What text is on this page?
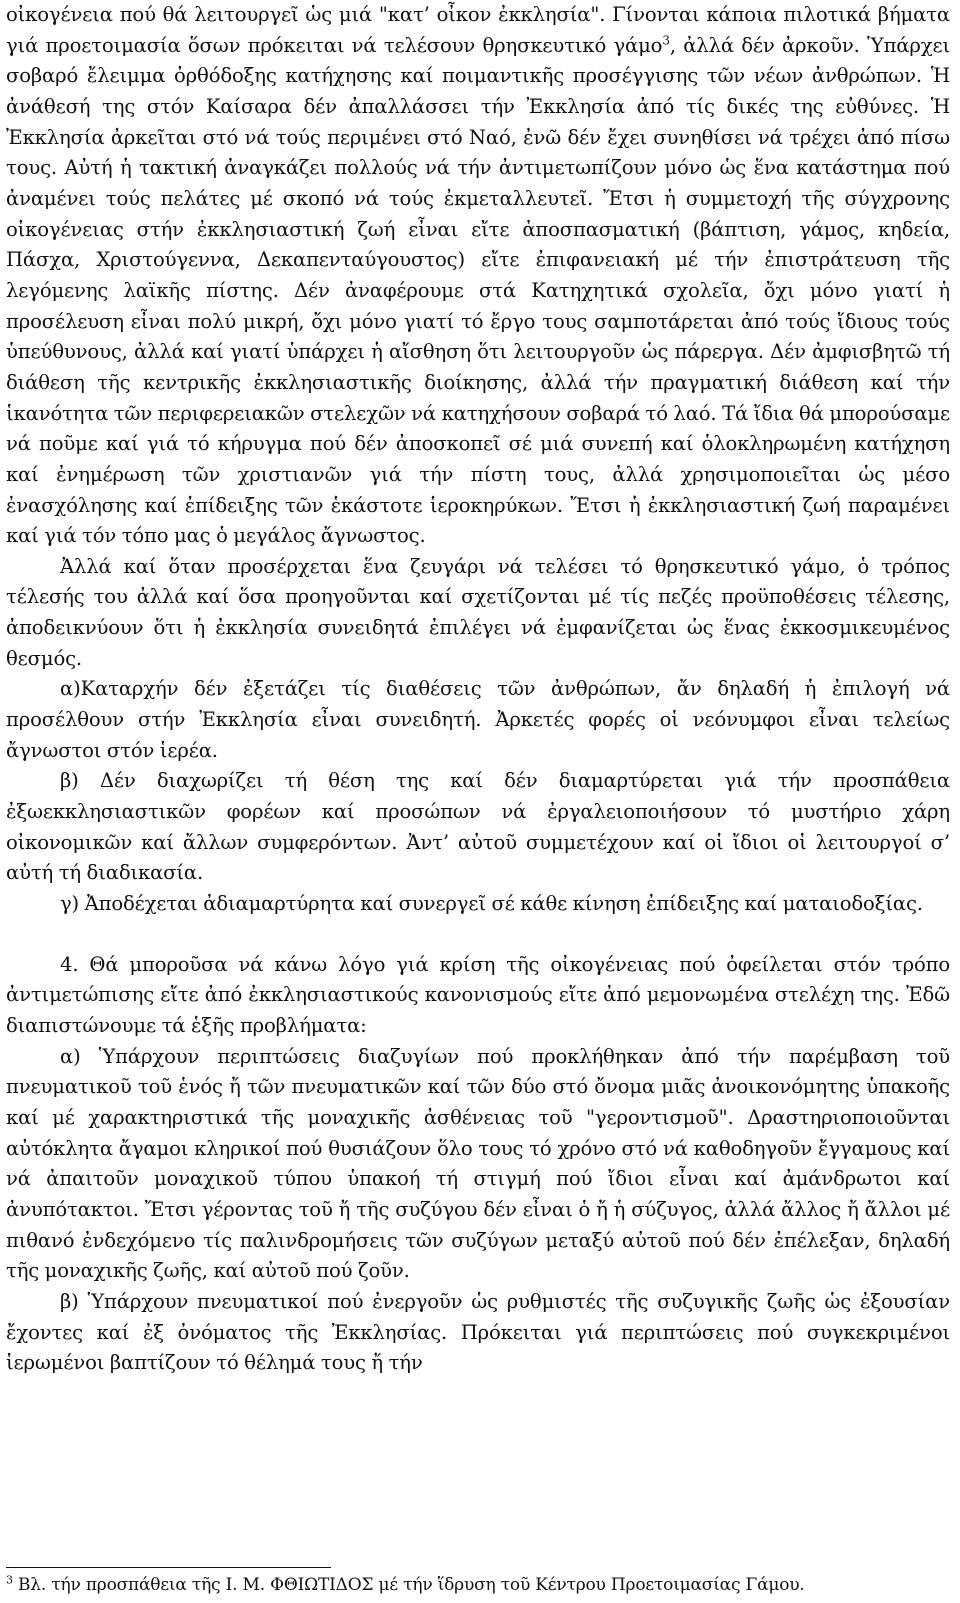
οἰκογένεια πού θά λειτουργεῖ ὡς μιά "κατ’ οἶκον ἐκκλησία". Γίνονται κάποια πιλοτικά βήματα γιά προετοιμασία ὅσων πρόκειται νά τελέσουν θρησκευτικό γάμο$^3$, ἀλλά δέν ἀρκοῦν. Ὑπάρχει σοβαρό ἔλειμμα ὀρθόδοξης κατήχησης καί ποιμαντικῆς προσέγγισης τῶν νέων ἀνθρώπων. Ἡ ἀνάθεσή της στόν Καίσαρα δέν ἀπαλλάσσει τήν Ἐκκλησία ἀπό τίς δικές της εὐθύνες. Ἡ Ἐκκλησία ἀρκεῖται στό νά τούς περιμένει στό Ναό, ἐνῶ δέν ἔχει συνηθίσει νά τρέχει ἀπό πίσω τους. Αὐτή ἡ τακτική ἀναγκάζει πολλούς νά τήν ἀντιμετωπίζουν μόνο ὡς ἕνα κατάστημα πού ἀναμένει τούς πελάτες μέ σκοπό νά τούς ἐκμεταλλευτεῖ. Ἔτσι ἡ συμμετοχή τῆς σύγχρονης οἰκογένειας στήν ἐκκλησιαστική ζωή εἶναι εἴτε ἀποσπασματική (βάπτιση, γάμος, κηδεία, Πάσχα, Χριστούγεννα, Δεκαπενταύγουστος) εἴτε ἐπιφανειακή μέ τήν ἐπιστράτευση τῆς λεγόμενης λαϊκῆς πίστης. Δέν ἀναφέρουμε στά Κατηχητικά σχολεῖα, ὄχι μόνο γιατί ἡ προσέλευση εἶναι πολύ μικρή, ὄχι μόνο γιατί τό ἔργο τους σαμποτάρεται ἀπό τούς ἴδιους τούς ὑπεύθυνους, ἀλλά καί γιατί ὑπάρχει ἡ αἴσθηση ὅτι λειτουργοῦν ὡς πάρεργα. Δέν ἀμφισβητῶ τή διάθεση τῆς κεντρικῆς ἐκκλησιαστικῆς διοίκησης, ἀλλά τήν πραγματική διάθεση καί τήν ἱκανότητα τῶν περιφερειακῶν στελεχῶν νά κατηχήσουν σοβαρά τό λαό. Τά ἴδια θά μπορούσαμε νά ποῦμε καί γιά τό κήρυγμα πού δέν ἀποσκοπεῖ σέ μιά συνεπή καί ὁλοκληρωμένη κατήχηση καί ἐνημέρωση τῶν χριστιανῶν γιά τήν πίστη τους, ἀλλά χρησιμοποιεῖται ὡς μέσο ἐνασχόλησης καί ἐπίδειξης τῶν ἑκάστοτε ἱεροκηρύκων. Ἔτσι ἡ ἐκκλησιαστική ζωή παραμένει καί γιά τόν τόπο μας ὁ μεγάλος ἄγνωστος.

Ἀλλά καί ὅταν προσέρχεται ἕνα ζευγάρι νά τελέσει τό θρησκευτικό γάμο, ὁ τρόπος τέλεσής του ἀλλά καί ὅσα προηγοῦνται καί σχετίζονται μέ τίς πεζές προϋποθέσεις τέλεσης, ἀποδεικνύουν ὅτι ἡ ἐκκλησία συνειδητά ἐπιλέγει νά ἐμφανίζεται ὡς ἕνας ἐκκοσμικευμένος θεσμός.

α)Καταρχήν δέν ἐξετάζει τίς διαθέσεις τῶν ἀνθρώπων, ἄν δηλαδή ἡ ἐπιλογή νά προσέλθουν στήν Ἐκκλησία εἶναι συνειδητή. Ἀρκετές φορές οἱ νεόνυμφοι εἶναι τελείως ἄγνωστοι στόν ἱερέα.

β) Δέν διαχωρίζει τή θέση της καί δέν διαμαρτύρεται γιά τήν προσπάθεια ἐξωεκκλησιαστικῶν φορέων καί προσώπων νά ἐργαλειοποιήσουν τό μυστήριο χάρη οἰκονομικῶν καί ἄλλων συμφερόντων. Ἀντ’ αὐτοῦ συμμετέχουν καί οἱ ἴδιοι οἱ λειτουργοί σ’ αὐτή τή διαδικασία.

γ) Ἀποδέχεται ἀδιαμαρτύρητα καί συνεργεῖ σέ κάθε κίνηση ἐπίδειξης καί ματαιοδοξίας.

4. Θά μποροῦσα νά κάνω λόγο γιά κρίση τῆς οἰκογένειας πού ὀφείλεται στόν τρόπο ἀντιμετώπισης εἴτε ἀπό ἐκκλησιαστικούς κανονισμούς εἴτε ἀπό μεμονωμένα στελέχη της. Ἐδῶ διαπιστώνουμε τά ἑξῆς προβλήματα:

α) Ὑπάρχουν περιπτώσεις διαζυγίων πού προκλήθηκαν ἀπό τήν παρέμβαση τοῦ πνευματικοῦ τοῦ ἑνός ἤ τῶν πνευματικῶν καί τῶν δύο στό ὄνομα μιᾶς ἀνοικονόμητης ὑπακοῆς καί μέ χαρακτηριστικά τῆς μοναχικῆς ἀσθένειας τοῦ "γεροντισμοῦ". Δραστηριοποιοῦνται αὐτόκλητα ἄγαμοι κληρικοί πού θυσιάζουν ὅλο τους τό χρόνο στό νά καθοδηγοῦν ἔγγαμους καί νά ἀπαιτοῦν μοναχικοῦ τύπου ὑπακοή τή στιγμή πού ἴδιοι εἶναι καί ἀμάνδρωτοι καί ἀνυπότακτοι. Ἔτσι γέροντας τοῦ ἤ τῆς συζύγου δέν εἶναι ὁ ἤ ἡ σύζυγος, ἀλλά ἄλλος ἤ ἄλλοι μέ πιθανό ἐνδεχόμενο τίς παλινδρομήσεις τῶν συζύγων μεταξύ αὐτοῦ πού δέν ἐπέλεξαν, δηλαδή τῆς μοναχικῆς ζωῆς, καί αὐτοῦ πού ζοῦν.

β) Ὑπάρχουν πνευματικοί πού ἐνεργοῦν ὡς ρυθμιστές τῆς συζυγικῆς ζωῆς ὡς ἐξουσίαν ἔχοντες καί ἐξ ὀνόματος τῆς Ἐκκλησίας. Πρόκειται γιά περιπτώσεις πού συγκεκριμένοι ἱερωμένοι βαπτίζουν τό θέλημά τους ἤ τήν

$^3$ Βλ. τήν προσπάθεια τῆς Ι. Μ. ΦΘΙΩΤΙΔΟΣ μέ τήν ἵδρυση τοῦ Κέντρου Προετοιμασίας Γάμου.
